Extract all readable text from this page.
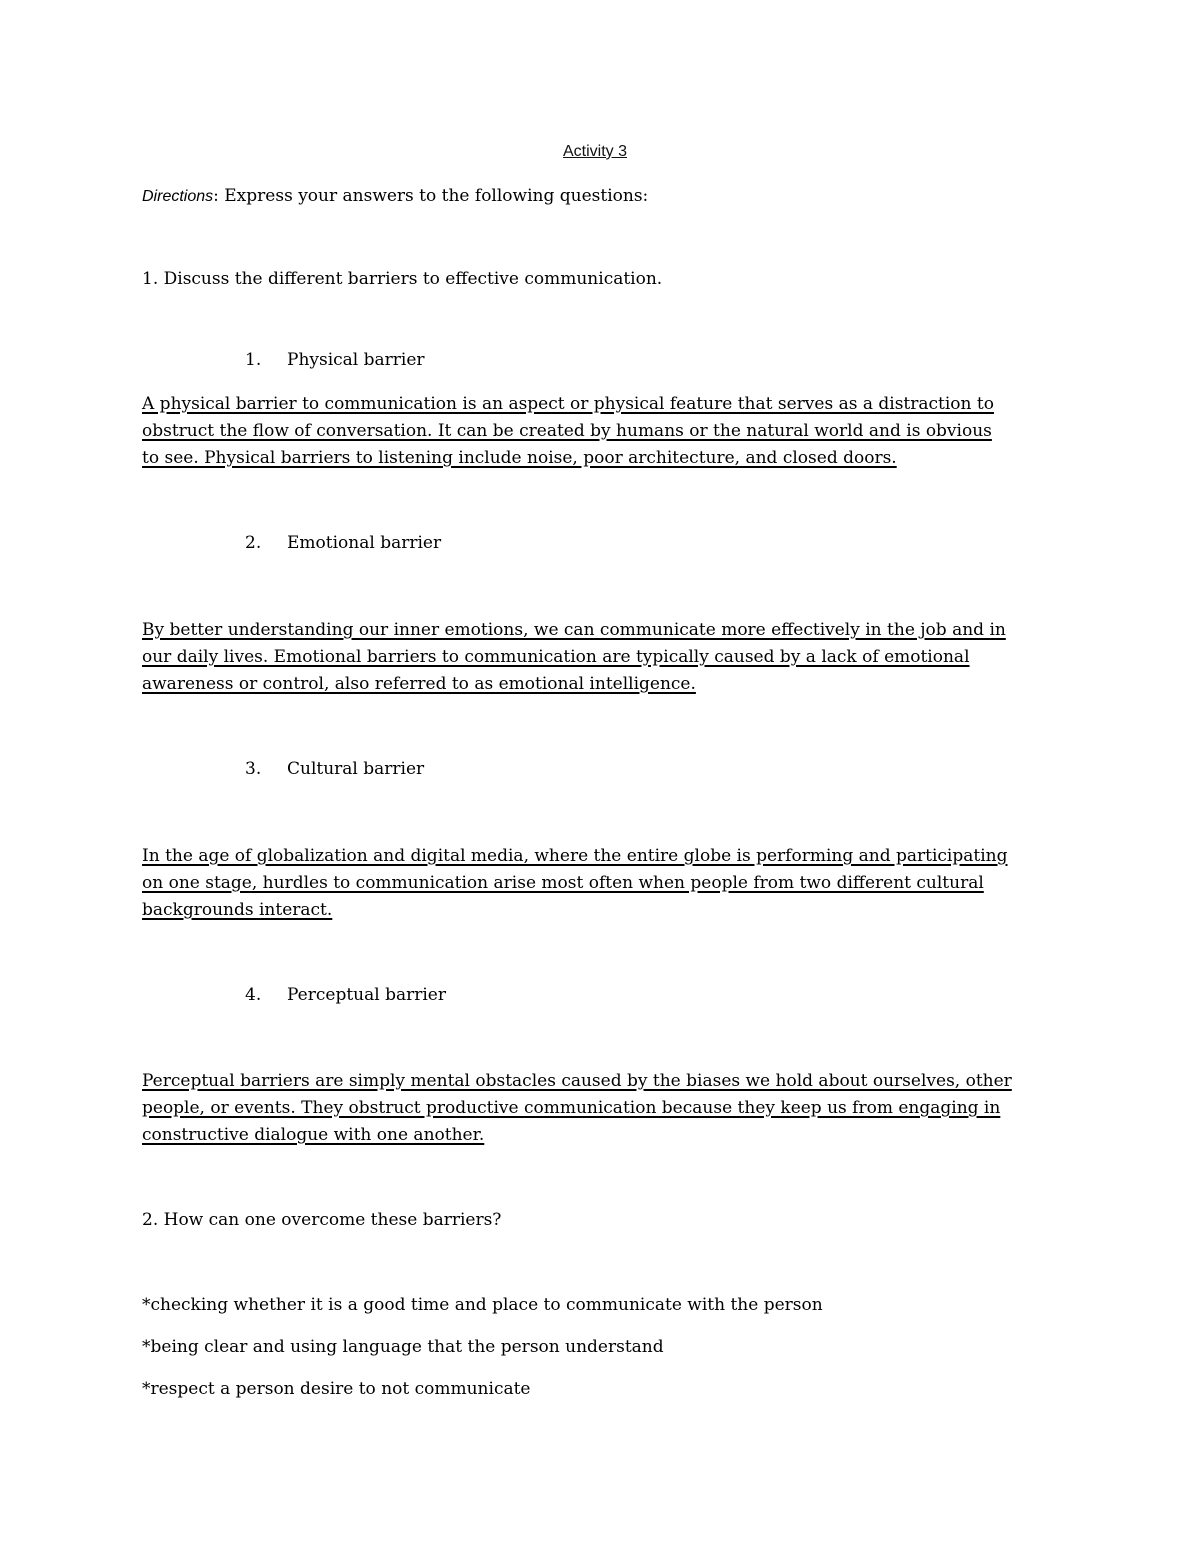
Activity 3
Directions: Express your answers to the following questions:
1. Discuss the different barriers to effective communication.
1. Physical barrier
A physical barrier to communication is an aspect or physical feature that serves as a distraction to
obstruct the flow of conversation. It can be created by humans or the natural world and is obvious
to see. Physical barriers to listening include noise, poor architecture, and closed doors.
2. Emotional barrier
By better understanding our inner emotions, we can communicate more effectively in the job and in
our daily lives. Emotional barriers to communication are typically caused by a lack of emotional
awareness or control, also referred to as emotional intelligence.
3. Cultural barrier
In the age of globalization and digital media, where the entire globe is performing and participating
on one stage, hurdles to communication arise most often when people from two different cultural
backgrounds interact.
4. Perceptual barrier
Perceptual barriers are simply mental obstacles caused by the biases we hold about ourselves, other
people, or events. They obstruct productive communication because they keep us from engaging in
constructive dialogue with one another.
2. How can one overcome these barriers?
*checking whether it is a good time and place to communicate with the person
*being clear and using language that the person understand
*respect a person desire to not communicate
